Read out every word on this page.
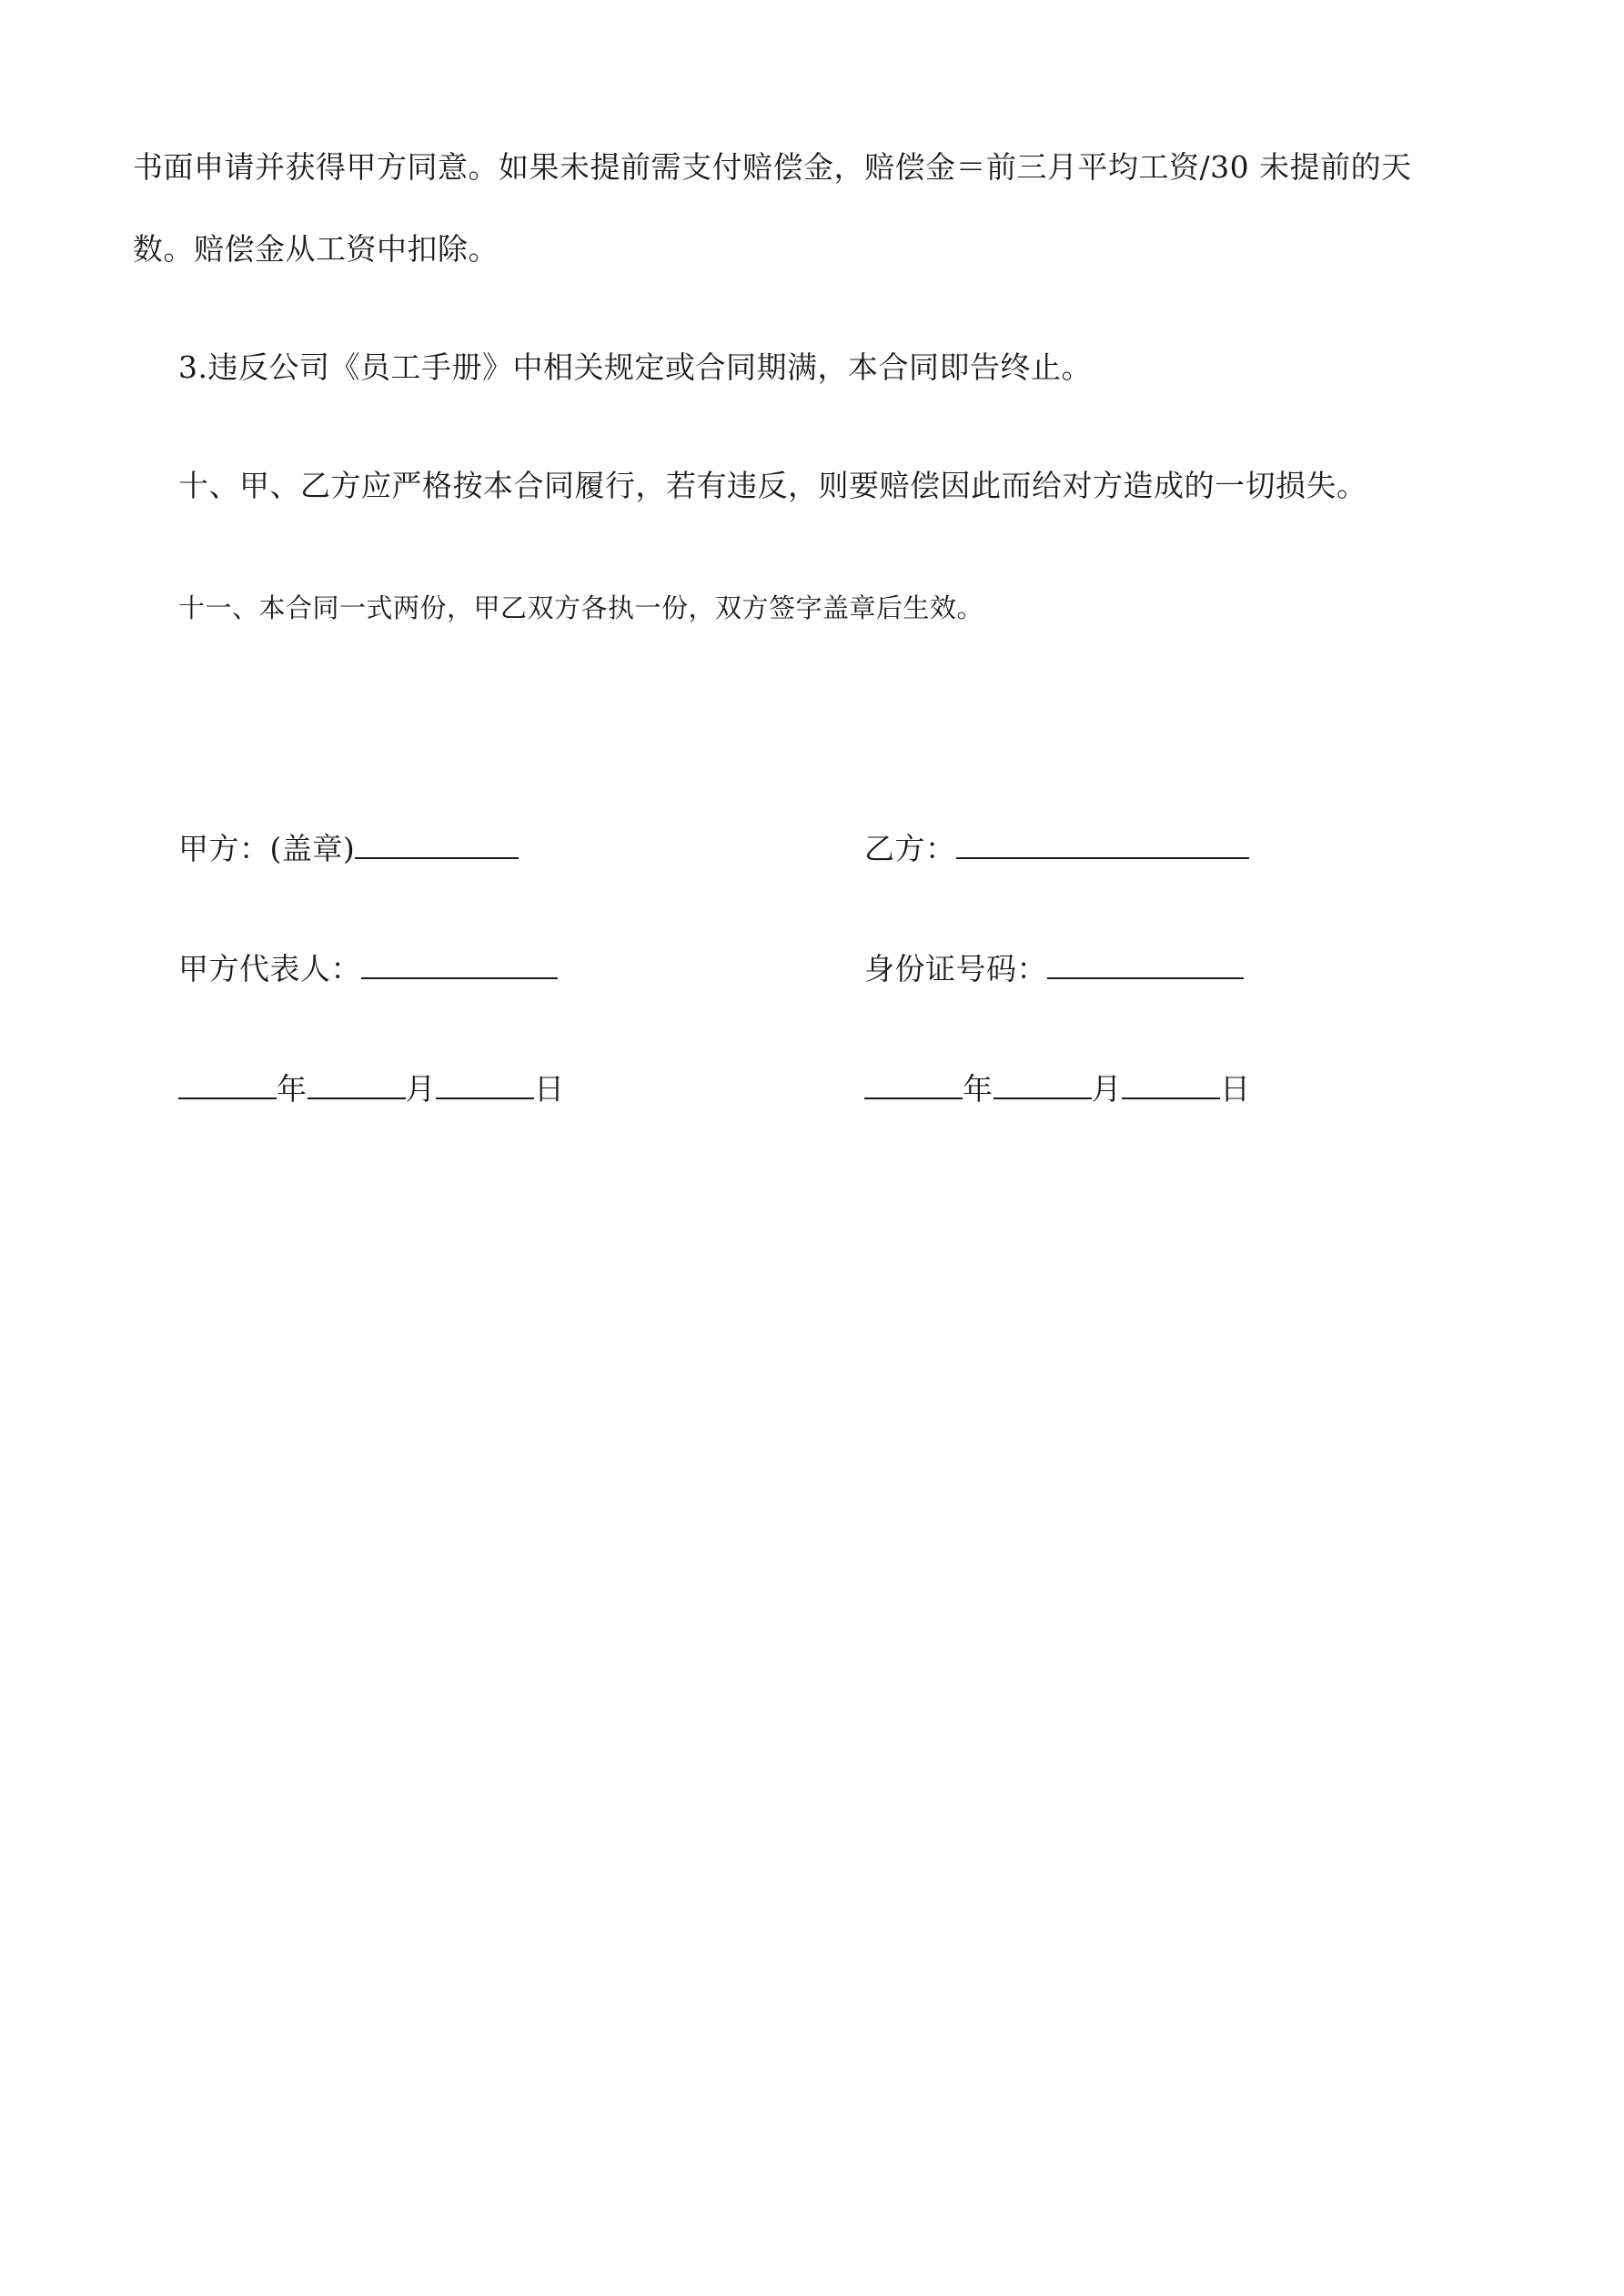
书面申请并获得甲方同意。如果未提前需支付赔偿金，赔偿金＝前三月平均工资/30 未提前的天
数。赔偿金从工资中扣除。
3.违反公司《员工手册》中相关规定或合同期满，本合同即告终止。
十、甲、乙方应严格按本合同履行，若有违反，则要赔偿因此而给对方造成的一切损失。
十一、本合同一式两份，甲乙双方各执一份，双方签字盖章后生效。
甲方：(盖章)	乙方：
甲方代表人：	身份证号码：
年	月	日	年	月	日
